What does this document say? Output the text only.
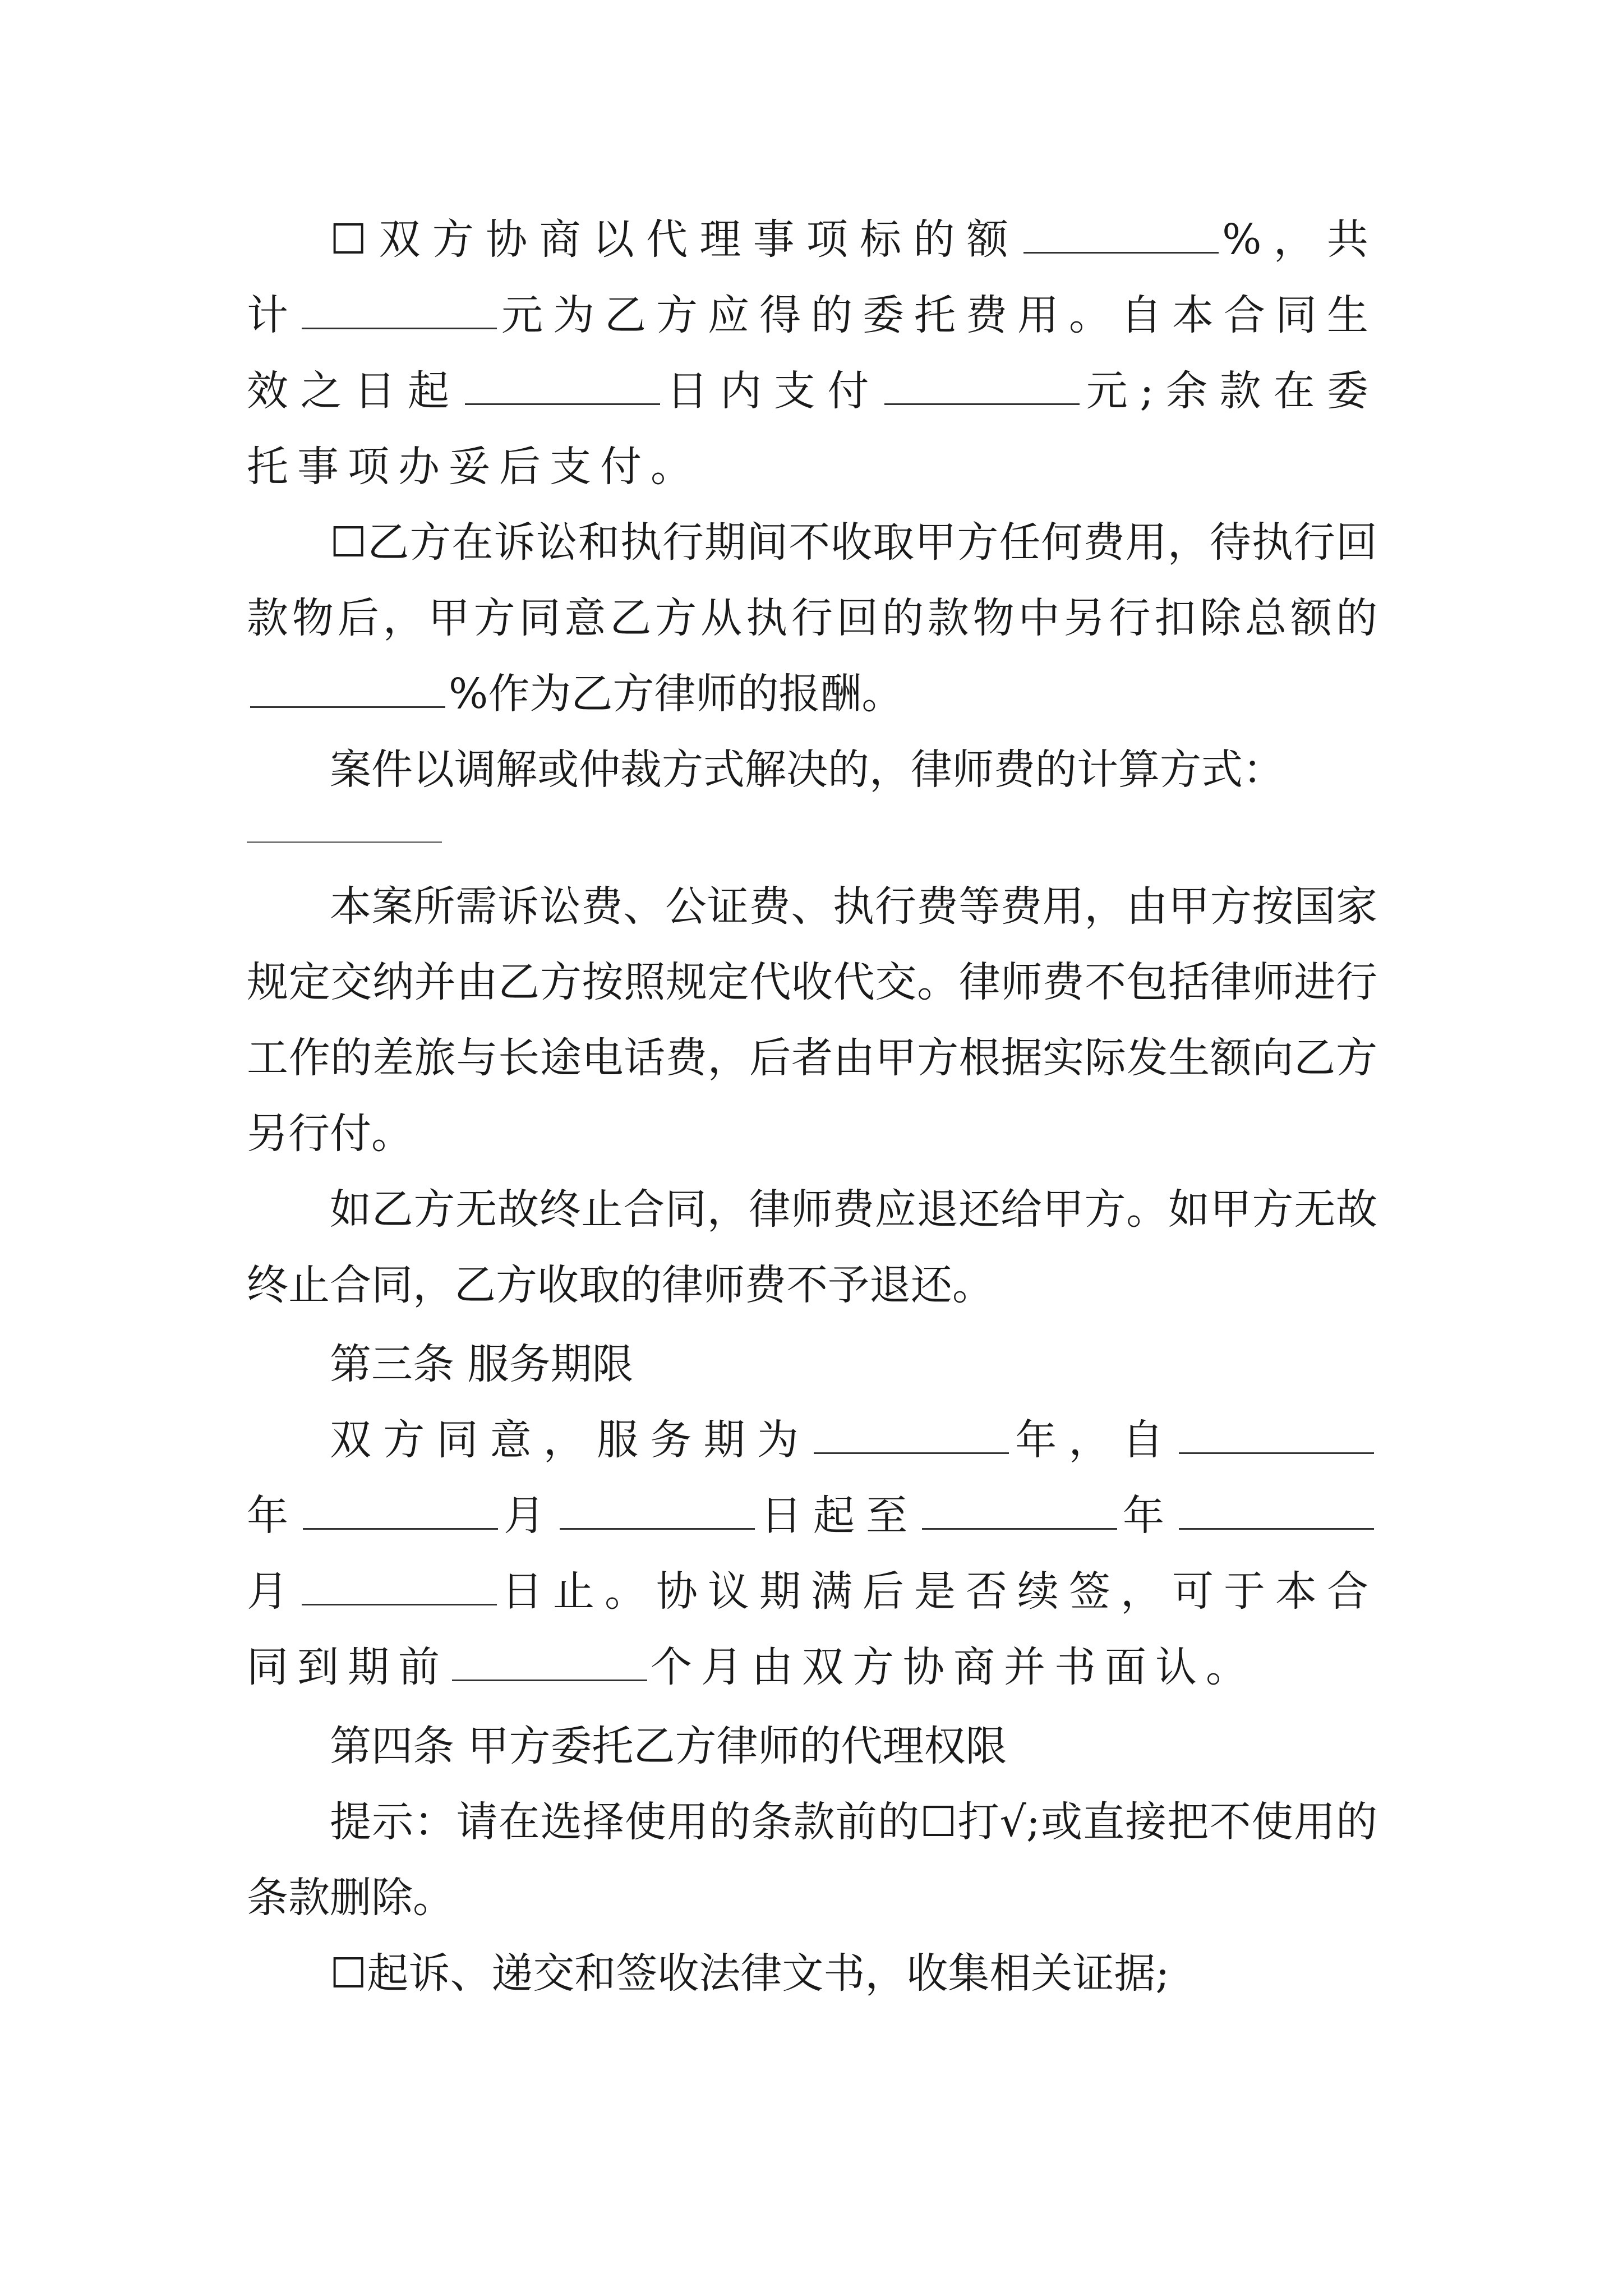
☐双方协商以代理事项标的额	%，共计	元为乙方应得的委托费用。自本合同生效之日起	日内支付	元;余款在委托事项办妥后支付。

☐乙方在诉讼和执行期间不收取甲方任何费用，待执行回款物后，甲方同意乙方从执行回的款物中另行扣除总额的%作为乙方律师的报酬。

案件以调解或仲裁方式解决的，律师费的计算方式：

本案所需诉讼费、公证费、执行费等费用，由甲方按国家规定交纳并由乙方按照规定代收代交。律师费不包括律师进行工作的差旅与长途电话费，后者由甲方根据实际发生额向乙方另行付。

如乙方无故终止合同，律师费应退还给甲方。如甲方无故终止合同，乙方收取的律师费不予退还。

第三条 服务期限

双方同意，服务期为	年，自年	月	日起至	年月	日止。协议期满后是否续签，可于本合同到期前	个月由双方协商并书面认。

第四条 甲方委托乙方律师的代理权限

提示：请在选择使用的条款前的☐打√;或直接把不使用的条款删除。

☐起诉、递交和签收法律文书，收集相关证据;
